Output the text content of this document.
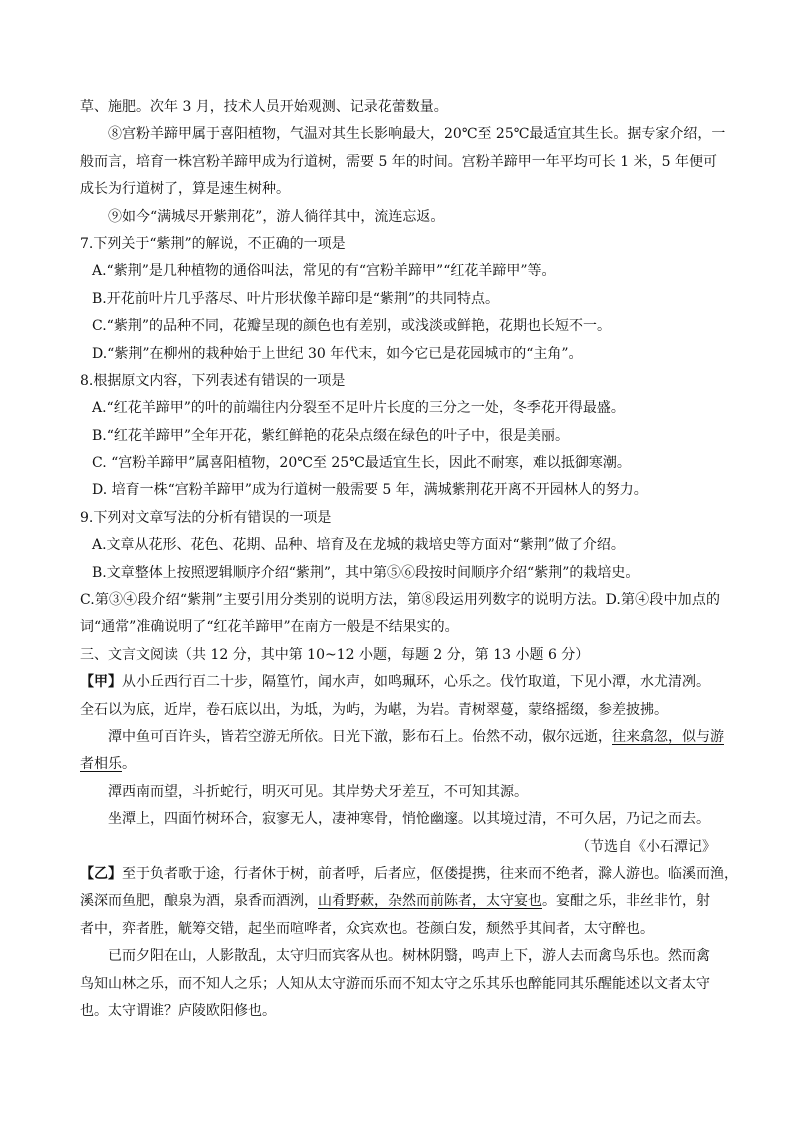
草、施肥。次年 3 月，技术人员开始观测、记录花蕾数量。
⑧宫粉羊蹄甲属于喜阳植物，气温对其生长影响最大，20℃至 25℃最适宜其生长。据专家介绍，一
般而言，培育一株宫粉羊蹄甲成为行道树，需要 5 年的时间。宫粉羊蹄甲一年平均可长 1 米，5 年便可
成长为行道树了，算是速生树种。
⑨如今“满城尽开紫荆花”，游人徜徉其中，流连忘返。
7.下列关于“紫荆”的解说，不正确的一项是
A.“紫荆”是几种植物的通俗叫法，常见的有“宫粉羊蹄甲”“红花羊蹄甲”等。
B.开花前叶片几乎落尽、叶片形状像羊蹄印是“紫荆”的共同特点。
C.“紫荆”的品种不同，花瓣呈现的颜色也有差别，或浅淡或鲜艳，花期也长短不一。
D.“紫荆”在柳州的栽种始于上世纪 30 年代末，如今它已是花园城市的“主角”。
8.根据原文内容，下列表述有错误的一项是
A.“红花羊蹄甲”的叶的前端往内分裂至不足叶片长度的三分之一处，冬季花开得最盛。
B.“红花羊蹄甲”全年开花，紫红鲜艳的花朵点缀在绿色的叶子中，很是美丽。
C. “宫粉羊蹄甲”属喜阳植物，20℃至 25℃最适宜生长，因此不耐寒，难以抵御寒潮。
D. 培育一株“宫粉羊蹄甲”成为行道树一般需要 5 年，满城紫荆花开离不开园林人的努力。
9.下列对文章写法的分析有错误的一项是
A.文章从花形、花色、花期、品种、培育及在龙城的栽培史等方面对“紫荆”做了介绍。
B.文章整体上按照逻辑顺序介绍“紫荆”，其中第⑤⑥段按时间顺序介绍“紫荆”的栽培史。
C.第③④段介绍“紫荆”主要引用分类别的说明方法，第⑧段运用列数字的说明方法。D.第④段中加点的词“通常”准确说明了“红花羊蹄甲”在南方一般是不结果实的。
三、文言文阅读（共 12 分，其中第 10~12 小题，每题 2 分，第 13 小题 6 分）
【甲】从小丘西行百二十步，隔篁竹，闻水声，如鸣珮环，心乐之。伐竹取道，下见小潭，水尤清冽。
全石以为底，近岸，卷石底以出，为坻，为屿，为嵁，为岩。青树翠蔓，蒙络摇缀，参差披拂。
潭中鱼可百许头，皆若空游无所依。日光下澈，影布石上。佁然不动，俶尔远逝，往来翕忽，似与游
者相乐。
潭西南而望，斗折蛇行，明灭可见。其岸势犬牙差互，不可知其源。
坐潭上，四面竹树环合，寂寥无人，凄神寒骨，悄怆幽邃。以其境过清，不可久居，乃记之而去。
（节选自《小石潭记》
【乙】至于负者歌于途，行者休于树，前者呼，后者应，伛偻提携，往来而不绝者，滁人游也。临溪而渔，
溪深而鱼肥，酿泉为酒，泉香而酒洌，山肴野蔌，杂然而前陈者，太守宴也。宴酣之乐，非丝非竹，射
者中，弈者胜，觥筹交错，起坐而喧哗者，众宾欢也。苍颜白发，颓然乎其间者，太守醉也。
已而夕阳在山，人影散乱，太守归而宾客从也。树林阴翳，鸣声上下，游人去而禽鸟乐也。然而禽
鸟知山林之乐，而不知人之乐；人知从太守游而乐而不知太守之乐其乐也醉能同其乐醒能述以文者太守
也。太守谓谁？庐陵欧阳修也。
